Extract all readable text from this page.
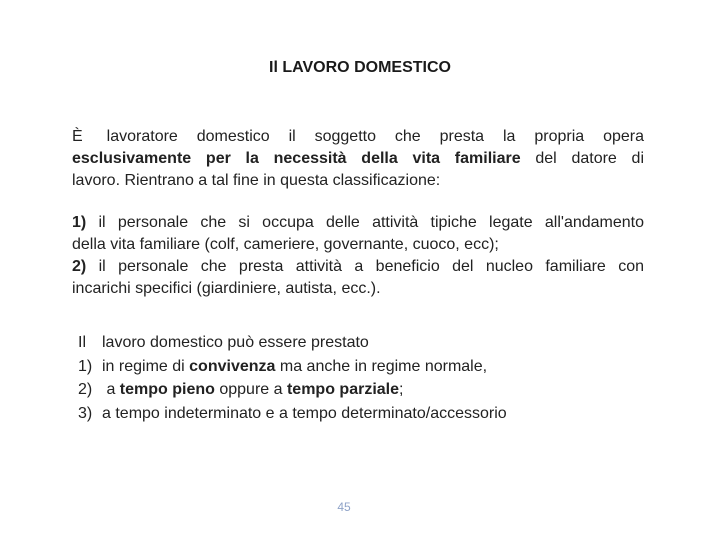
Il LAVORO DOMESTICO
È lavoratore domestico il soggetto che presta la propria opera
esclusivamente per la necessità della vita familiare del datore di
lavoro. Rientrano a tal fine in questa classificazione:
1) il personale che si occupa delle attività tipiche legate all'andamento
della vita familiare (colf, cameriere, governante, cuoco, ecc);
2) il personale che presta attività a beneficio del nucleo familiare con
incarichi specifici (giardiniere, autista, ecc.).
Il lavoro domestico può essere prestato
1) in regime di convivenza ma anche in regime normale,
2) a tempo pieno oppure a tempo parziale;
3) a tempo indeterminato e a tempo determinato/accessorio
45
